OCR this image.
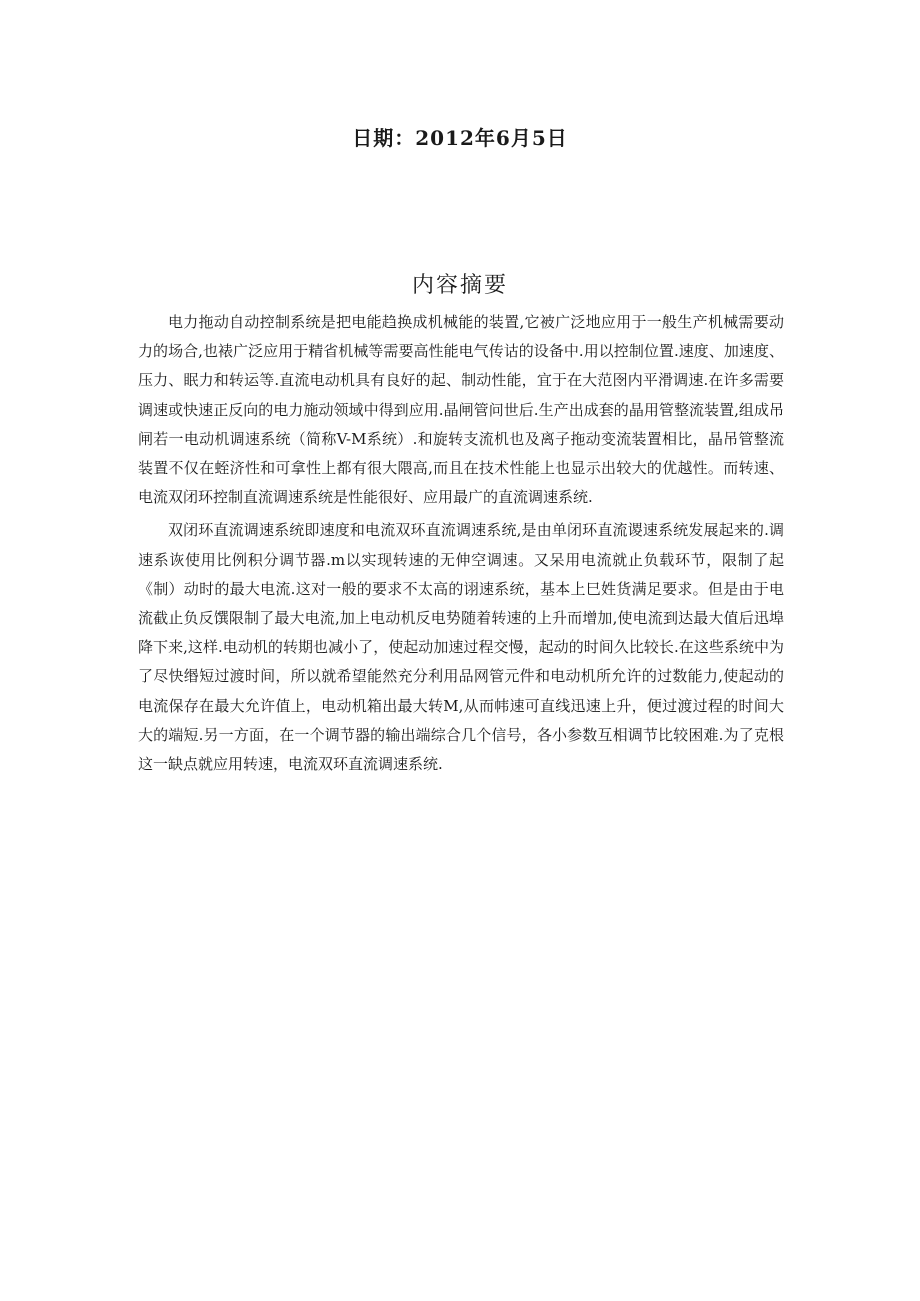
日期：2012年6月5日
内容摘要

电力拖动自动控制系统是把电能趋换成机械能的装置,它被广泛地应用于一般生产机械需要动力的场合,也裱广泛应用于精省机械等需要高性能电气传诂的设备中.用以控制位置.速度、加速度、压力、眠力和转运等.直流电动机具有良好的起、制动性能，宜于在大范囹内平滑调速.在许多需要调速或快速正反向的电力施动领域中得到应用.晶闸管问世后.生产出成套的晶用管整流装置,组成吊闸若一电动机调速系统（简称V-M系统）.和旋转支流机也及离子拖动变流装置相比，晶吊管整流装置不仅在蛭济性和可拿性上都有很大隈高,而且在技术性能上也显示出较大的优越性。而转速、电流双闭环控制直流调速系统是性能很好、应用最广的直流调速系统.

双闭环直流调速系统即速度和电流双环直流调速系统,是由单闭环直流谡速系统发展起来的.调速系诙使用比例积分调节器.m以实现转速的无伸空调速。又呆用电流就止负载环节，限制了起《制）动时的最大电流.这对一般的要求不太高的诩速系统，基本上巳姓货满足要求。但是由于电流截止负反馔限制了最大电流,加上电动机反电势随着转速的上升而增加,使电流到达最大值后迅埠降下来,这样.电动机的转期也减小了，使起动加速过程交慢，起动的时间久比较长.在这些系统中为了尽快缗短过渡时间，所以就希望能然充分利用品网管元件和电动机所允许的过数能力,使起动的电流保存在最大允许值上，电动机箱出最大转M,从而帏速可直线迅速上升，便过渡过程的时间大大的端短.另一方面，在一个调节器的输出端综合几个信号，各小参数互相调节比较困难.为了克根这一缺点就应用转速，电流双环直流调速系统.
